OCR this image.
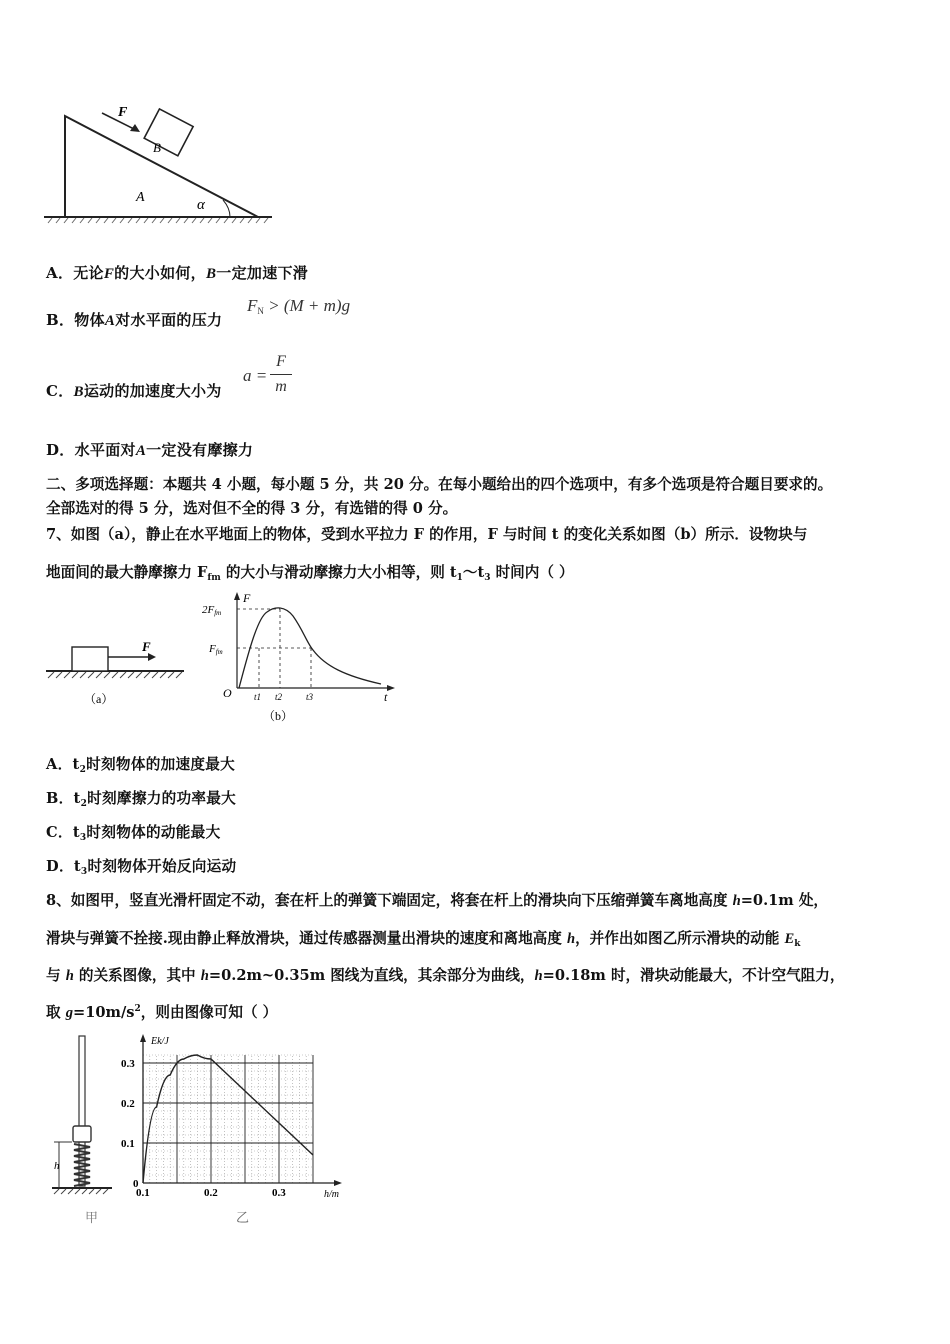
F
B
A	α
A．无论F的大小如何，B一定加速下滑
B．物体A对水平面的压力
$F_N > (M + m)g$
C．B运动的加速度大小为
a =
F
m
D．水平面对A一定没有摩擦力
二、多项选择题：本题共 4 小题，每小题 5 分，共 20 分。在每小题给出的四个选项中，有多个选项是符合题目要求的。
全部选对的得 5 分，选对但不全的得 3 分，有选错的得 0 分。
7、如图（a），静止在水平地面上的物体，受到水平拉力 F 的作用，F 与时间 t 的变化关系如图（b）所示．设物块与
地面间的最大静摩擦力 $F_{fm}$ 的大小与滑动摩擦力大小相等，则 $t_1\sim t_3$ 时间内（ ）
F
（a）
F
t
O
2Ffm
Ffm
t1 t2	t3
（b）
A．$t_2$时刻物体的加速度最大
B．$t_2$时刻摩擦力的功率最大
C．$t_3$时刻物体的动能最大
D．$t_3$时刻物体开始反向运动
8、如图甲，竖直光滑杆固定不动，套在杆上的弹簧下端固定，将套在杆上的滑块向下压缩弹簧车离地高度 h=0.1m 处，
滑块与弹簧不拴接.现由静止释放滑块，通过传感器测量出滑块的速度和离地高度 h，并作出如图乙所示滑块的动能 $E_k$
与 h 的关系图像，其中 h=0.2m~0.35m 图线为直线，其余部分为曲线，h=0.18m 时，滑块动能最大，不计空气阻力，
取 $g=10m/s^2$，则由图像可知（ ）
h
甲
0.1	0.2	0.3
0
0.1
0.2
0.3
Ek/J
h/m
乙
